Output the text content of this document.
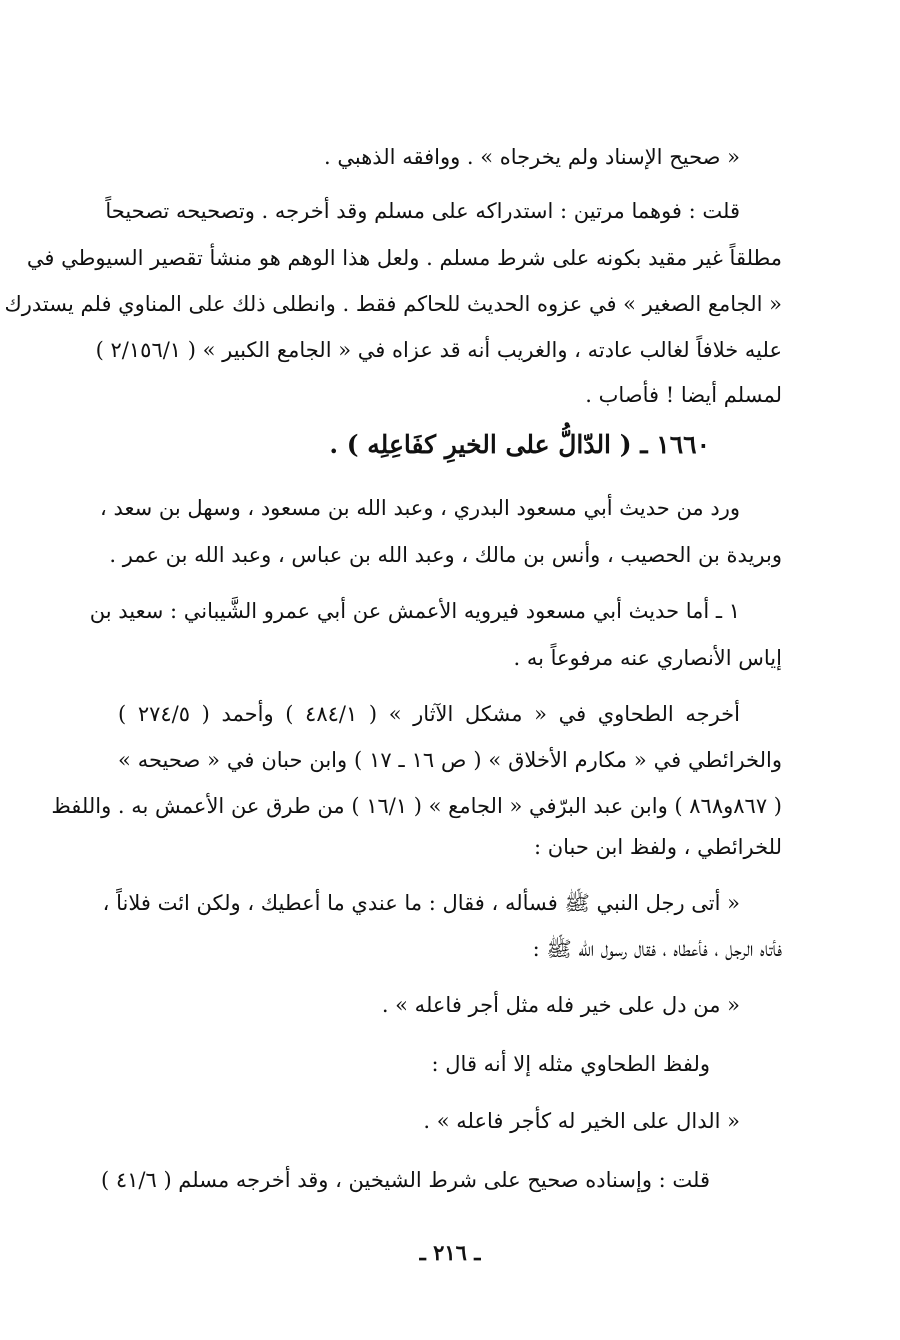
« صحيح الإسناد ولم يخرجاه » . ووافقه الذهبي .
قلت : فوهما مرتين : استدراكه على مسلم وقد أخرجه . وتصحيحه تصحيحاً
مطلقاً غير مقيد بكونه على شرط مسلم . ولعل هذا الوهم هو منشأ تقصير السيوطي في
« الجامع الصغير » في عزوه الحديث للحاكم فقط . وانطلى ذلك على المناوي فلم يستدرك
عليه خلافاً لغالب عادته ، والغريب أنه قد عزاه في « الجامع الكبير » ( ٢/١٥٦/١ )
لمسلم أيضا ! فأصاب .
١٦٦٠ ـ ( الدّالُّ على الخيرِ كفَاعِلِه ) .
ورد من حديث أبي مسعود البدري ، وعبد الله بن مسعود ، وسهل بن سعد ،
وبريدة بن الحصيب ، وأنس بن مالك ، وعبد الله بن عباس ، وعبد الله بن عمر .
١ ـ أما حديث أبي مسعود فيرويه الأعمش عن أبي عمرو الشَّيباني : سعيد بن
إياس الأنصاري عنه مرفوعاً به .
أخرجه الطحاوي في « مشكل الآثار » ( ٤٨٤/١ ) وأحمد ( ٢٧٤/٥ )
والخرائطي في « مكارم الأخلاق » ( ص ١٦ ـ ١٧ ) وابن حبان في « صحيحه »
( ٨٦٧و٨٦٨ ) وابن عبد البرّفي « الجامع » ( ١٦/١ ) من طرق عن الأعمش به . واللفظ
للخرائطي ، ولفظ ابن حبان :
« أتى رجل النبي ﷺ فسأله ، فقال : ما عندي ما أعطيك ، ولكن ائت فلاناً ،
فأتاه الرجل ، فأعطاه ، فقال رسول الله ﷺ :
« من دل على خير فله مثل أجر فاعله » .
ولفظ الطحاوي مثله إلا أنه قال :
« الدال على الخير له كأجر فاعله » .
قلت : وإسناده صحيح على شرط الشيخين ، وقد أخرجه مسلم ( ٤١/٦ )
ـ ٢١٦ ـ
